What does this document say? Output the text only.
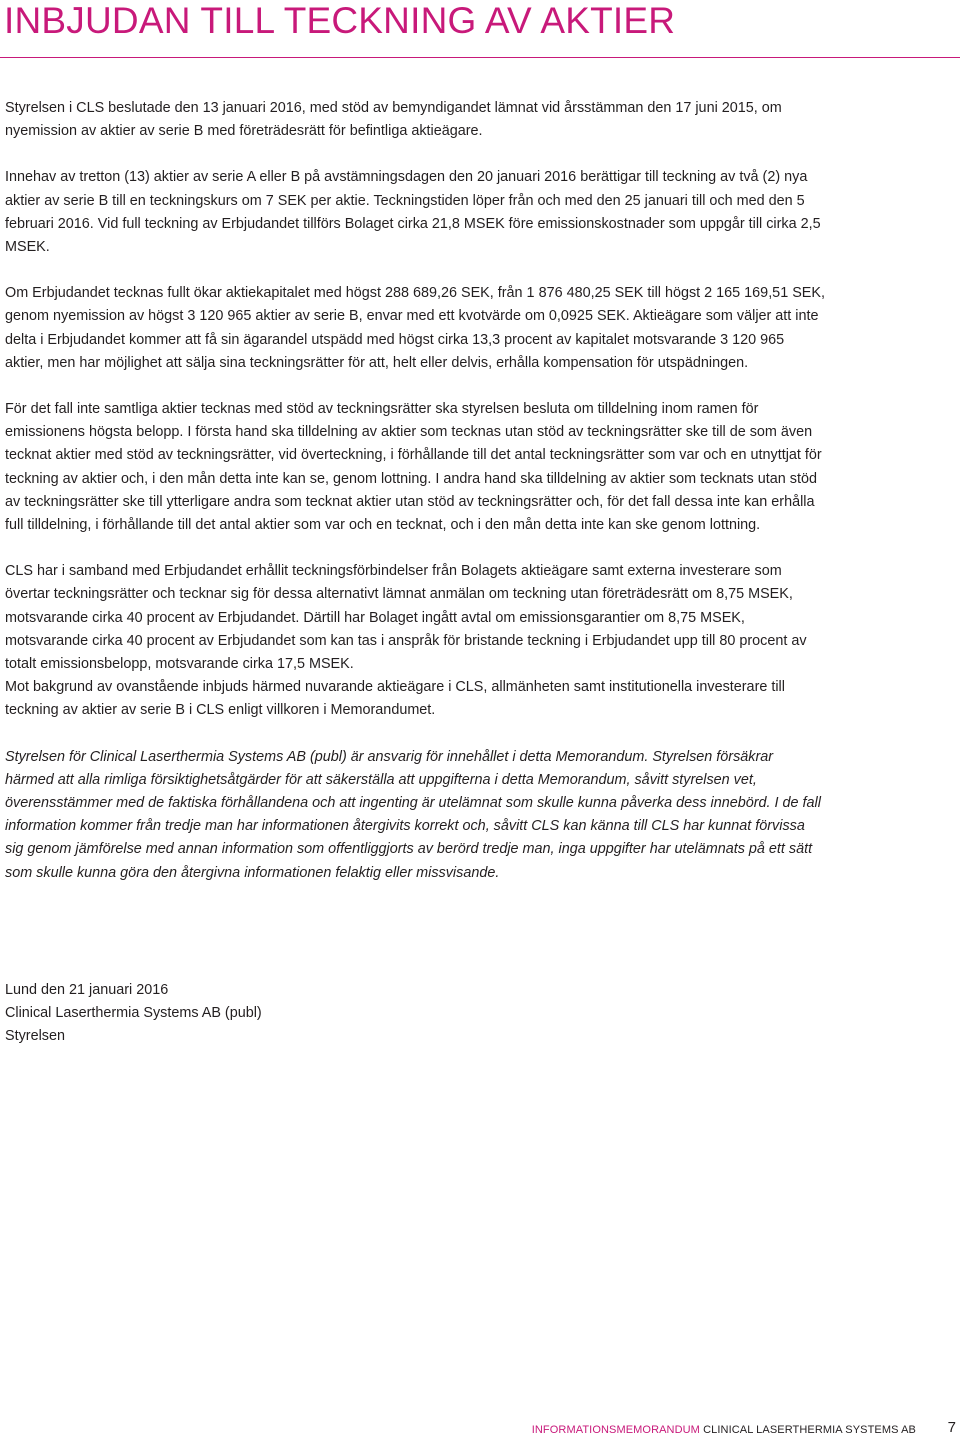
INBJUDAN TILL TECKNING AV AKTIER

Styrelsen i CLS beslutade den 13 januari 2016, med stöd av bemyndigandet lämnat vid årsstämman den 17 juni 2015, om nyemission av aktier av serie B med företrädesrätt för befintliga aktieägare.

Innehav av tretton (13) aktier av serie A eller B på avstämningsdagen den 20 januari 2016 berättigar till teckning av två (2) nya aktier av serie B till en teckningskurs om 7 SEK per aktie. Teckningstiden löper från och med den 25 januari till och med den 5 februari 2016. Vid full teckning av Erbjudandet tillförs Bolaget cirka 21,8 MSEK före emissionskostnader som uppgår till cirka 2,5 MSEK.

Om Erbjudandet tecknas fullt ökar aktiekapitalet med högst 288 689,26 SEK, från 1 876 480,25 SEK till högst 2 165 169,51 SEK, genom nyemission av högst 3 120 965 aktier av serie B, envar med ett kvotvärde om 0,0925 SEK. Aktieägare som väljer att inte delta i Erbjudandet kommer att få sin ägarandel utspädd med högst cirka 13,3 procent av kapitalet motsvarande 3 120 965 aktier, men har möjlighet att sälja sina teckningsrätter för att, helt eller delvis, erhålla kompensation för utspädningen.

För det fall inte samtliga aktier tecknas med stöd av teckningsrätter ska styrelsen besluta om tilldelning inom ramen för emissionens högsta belopp. I första hand ska tilldelning av aktier som tecknas utan stöd av teckningsrätter ske till de som även tecknat aktier med stöd av teckningsrätter, vid överteckning, i förhållande till det antal teckningsrätter som var och en utnyttjat för teckning av aktier och, i den mån detta inte kan se, genom lottning. I andra hand ska tilldelning av aktier som tecknats utan stöd av teckningsrätter ske till ytterligare andra som tecknat aktier utan stöd av teckningsrätter och, för det fall dessa inte kan erhålla full tilldelning, i förhållande till det antal aktier som var och en tecknat, och i den mån detta inte kan ske genom lottning.

CLS har i samband med Erbjudandet erhållit teckningsförbindelser från Bolagets aktieägare samt externa investerare som övertar teckningsrätter och tecknar sig för dessa alternativt lämnat anmälan om teckning utan företrädesrätt om 8,75 MSEK, motsvarande cirka 40 procent av Erbjudandet. Därtill har Bolaget ingått avtal om emissionsgarantier om 8,75 MSEK, motsvarande cirka 40 procent av Erbjudandet som kan tas i anspråk för bristande teckning i Erbjudandet upp till 80 procent av totalt emissionsbelopp, motsvarande cirka 17,5 MSEK.

Mot bakgrund av ovanstående inbjuds härmed nuvarande aktieägare i CLS, allmänheten samt institutionella investerare till teckning av aktier av serie B i CLS enligt villkoren i Memorandumet.

Styrelsen för Clinical Laserthermia Systems AB (publ) är ansvarig för innehållet i detta Memorandum. Styrelsen försäkrar härmed att alla rimliga försiktighetsåtgärder för att säkerställa att uppgifterna i detta Memorandum, såvitt styrelsen vet, överensstämmer med de faktiska förhållandena och att ingenting är utelämnat som skulle kunna påverka dess innebörd. I de fall information kommer från tredje man har informationen återgivits korrekt och, såvitt CLS kan känna till CLS har kunnat förvissa sig genom jämförelse med annan information som offentliggjorts av berörd tredje man, inga uppgifter har utelämnats på ett sätt som skulle kunna göra den återgivna informationen felaktig eller missvisande.

Lund den 21 januari 2016
Clinical Laserthermia Systems AB (publ)
Styrelsen
INFORMATIONSMEMORANDUM CLINICAL LASERTHERMIA SYSTEMS AB 7
